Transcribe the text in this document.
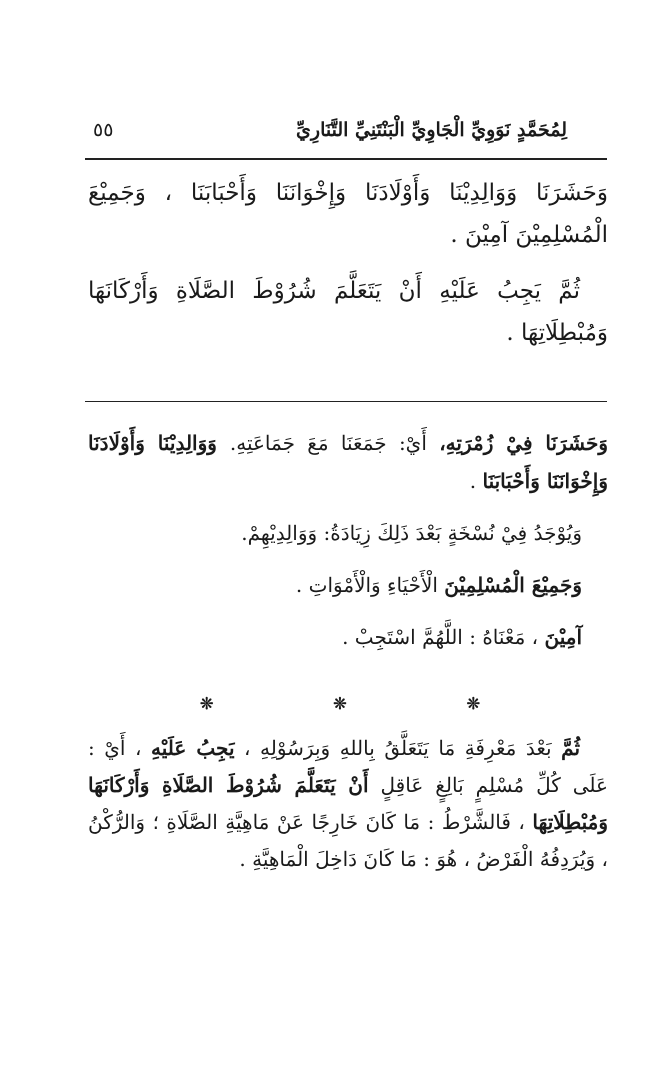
لِمُحَمَّدٍ نَوَوِيِّ الْجَاوِيِّ الْبَنْتَنِيِّ التَّنَارِيِّ
٥٥

وَحَشَرَنَا وَوَالِدِيْنَا وَأَوْلَادَنَا وَإِخْوَانَنَا وَأَحْبَابَنَا ، وَجَمِيْعَ الْمُسْلِمِيْنَ آمِيْنَ .

ثُمَّ يَجِبُ عَلَيْهِ أَنْ يَتَعَلَّمَ شُرُوْطَ الصَّلَاةِ وَأَرْكَانَهَا وَمُبْطِلَاتِهَا .

وَحَشَرَنَا فِيْ زُمْرَتِهِ، أَيْ: جَمَعَنَا مَعَ جَمَاعَتِهِ. وَوَالِدِيْنَا وَأَوْلَادَنَا وَإِخْوَانَنَا وَأَحْبَابَنَا .

وَيُوْجَدُ فِيْ نُسْخَةٍ بَعْدَ ذَلِكَ زِيَادَةُ: وَوَالِدِيْهِمْ.

وَجَمِيْعَ الْمُسْلِمِيْنَ الْأَحْيَاءِ وَالْأَمْوَاتِ .

آمِيْنَ ، مَعْنَاهُ : اللَّهُمَّ اسْتَجِبْ .

❊
❊
❊

ثُمَّ بَعْدَ مَعْرِفَةِ مَا يَتَعَلَّقُ بِاللهِ وَبِرَسُوْلِهِ ، يَجِبُ عَلَيْهِ ، أَيْ : عَلَى كُلِّ مُسْلِمٍ بَالِغٍ عَاقِلٍ أَنْ يَتَعَلَّمَ شُرُوْطَ الصَّلَاةِ وَأَرْكَانَهَا وَمُبْطِلَاتِهَا ، فَالشَّرْطُ : مَا كَانَ خَارِجًا عَنْ مَاهِيَّةِ الصَّلَاةِ ؛ وَالرُّكْنُ ، وَيُرَدِفُهُ الْفَرْضُ ، هُوَ : مَا كَانَ دَاخِلَ الْمَاهِيَّةِ .
